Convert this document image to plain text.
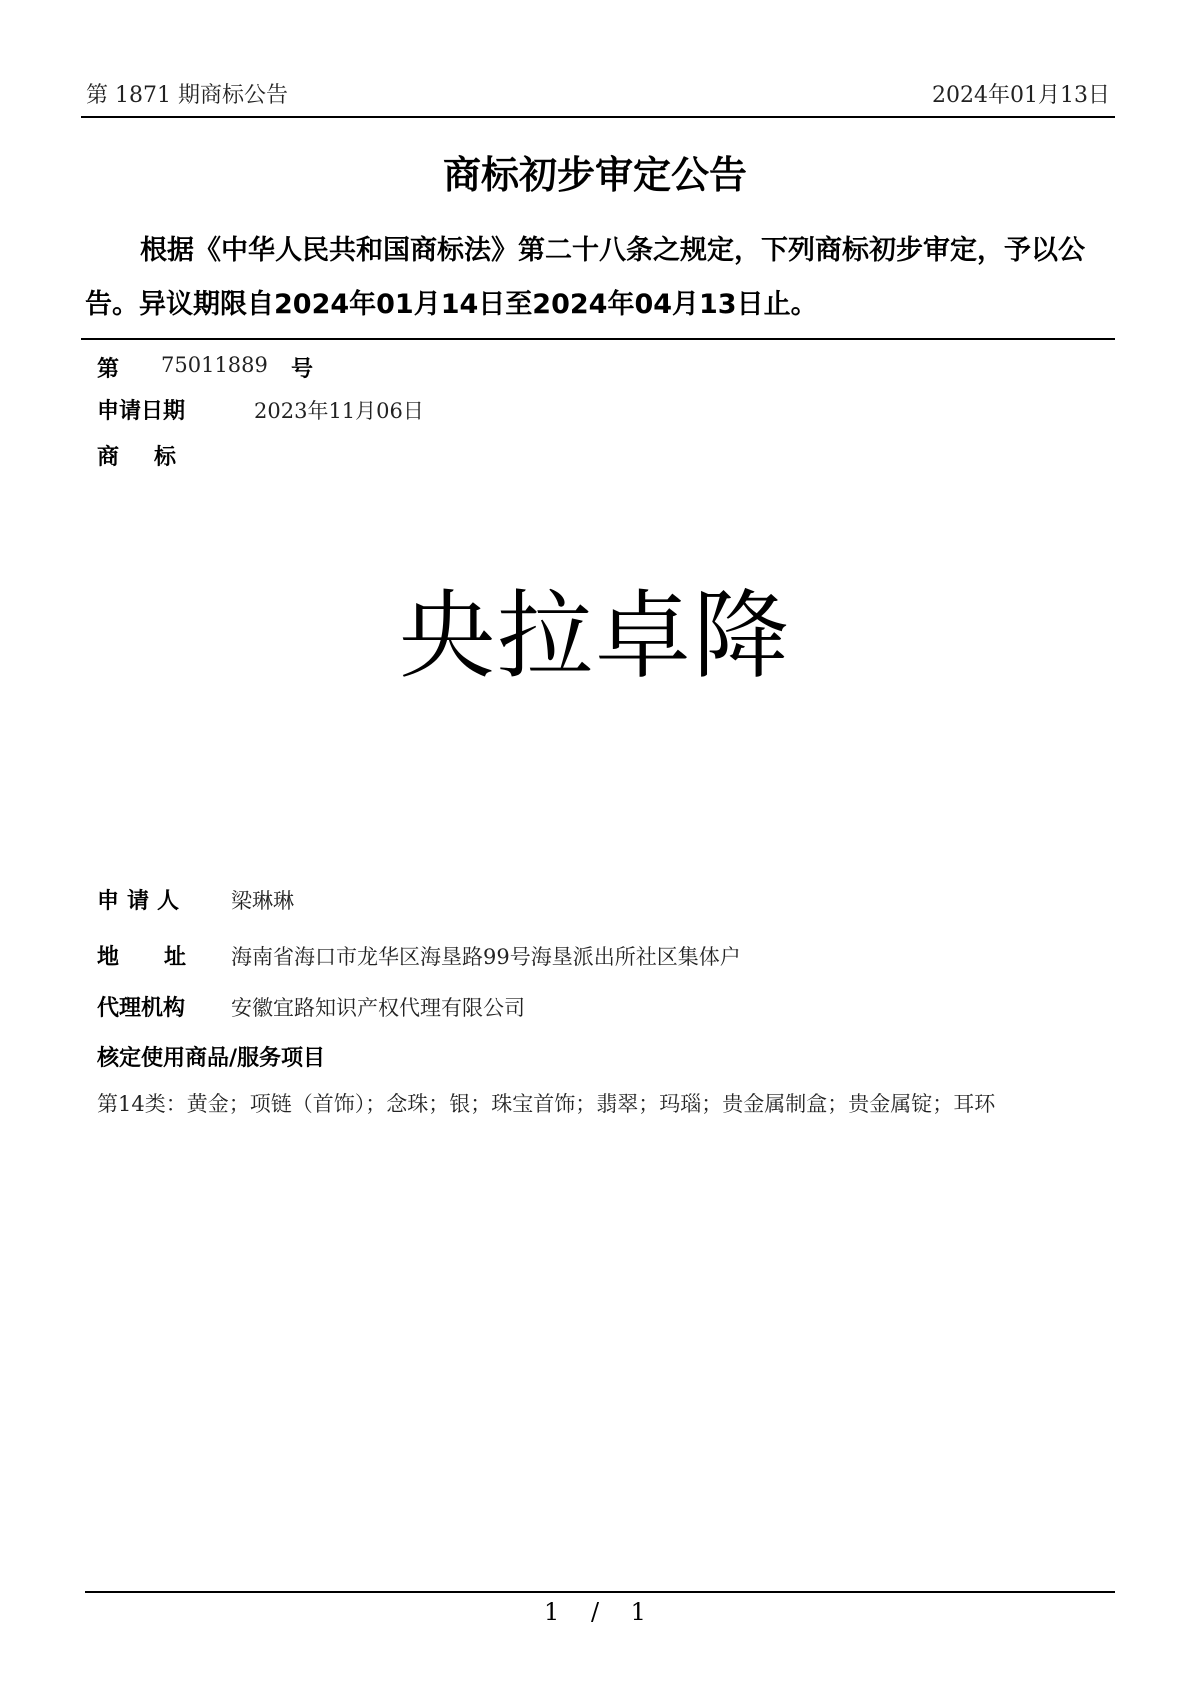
第 1871 期商标公告	2024年01月13日
商标初步审定公告
根据《中华人民共和国商标法》第二十八条之规定，下列商标初步审定，予以公告。异议期限自2024年01月14日至2024年04月13日止。
第 75011889 号
申请日期	2023年11月06日
商标
央拉卓降
申请人 梁琳琳
地址 海南省海口市龙华区海垦路99号海垦派出所社区集体户
代理机构 安徽宜路知识产权代理有限公司
核定使用商品/服务项目
第14类：黄金；项链（首饰）；念珠；银；珠宝首饰；翡翠；玛瑙；贵金属制盒；贵金属锭；耳环
1 / 1
